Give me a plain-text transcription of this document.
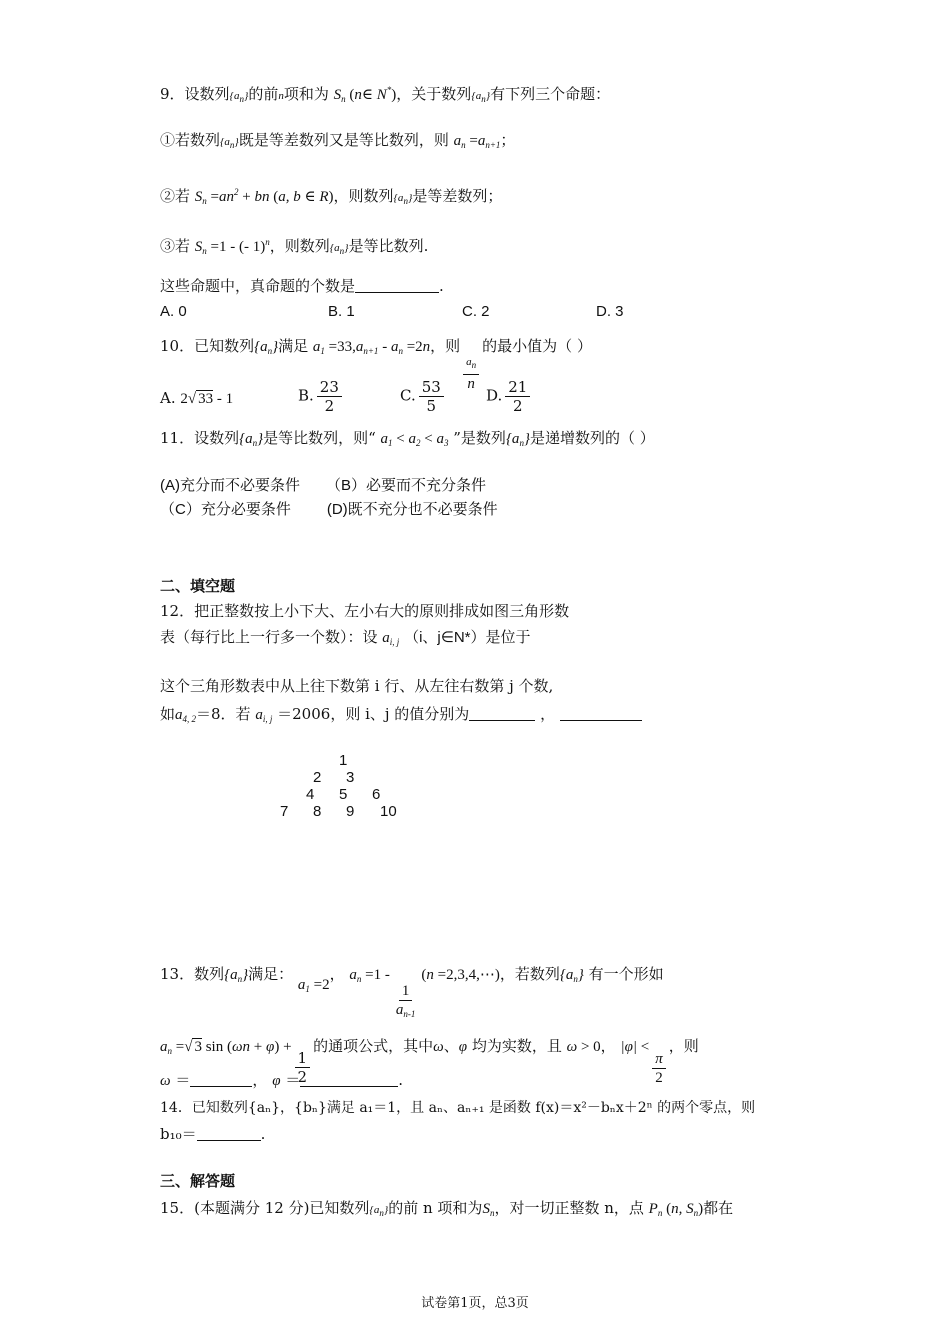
9．设数列$\{a_n\}$的前n项和为 $S_n$ (n∈ N*)，关于数列$\{a_n\}$有下列三个命题：
①若数列$\{a_n\}$既是等差数列又是等比数列，则 $a_n =a_{n+1}$；
②若 $S_n =an^2$ + bn (a, b ∈ R)，则数列$\{a_n\}$是等差数列；
③若 $S_n =1$ - (- 1)$^n$，则数列$\{a_n\}$是等比数列.
这些命题中，真命题的个数是	.
A. 0	B. 1	C. 2	D. 3
10．已知数列$\{a_n\}$满足 $a_1 =33,a_{n+1} - a_n =2n$，则
$\frac{a_n}{n}$
的最小值为（ ）
A. 2√ 33 - 1	B. $\frac{23}{2}$	C. $\frac{53}{5}$	D. $\frac{21}{2}$
11．设数列$\{a_n\}$是等比数列，则“ $a_1 < a_2 < a_3$ ”是数列$\{a_n\}$是递增数列的（ ）
(A)充分而不必要条件 （B）必要而不充分条件
（C）充分必要条件 (D)既不充分也不必要条件
二、填空题
12．把正整数按上小下大、左小右大的原则排成如图三角形数
表（每行比上一行多一个数）：设 $a_{i, j}$ （i、j∈N*）是位于
这个三角形数表中从上往下数第 i 行、从左往右数第 j 个数,
如$a_{4, 2}=8$．若 $a_{i, j} =2006$，则 i、j 的值分别为	，
1
2 3
4 5 6
7 8 9 10
13．数列$\{a_n\}$满足： $a_1 =2$， $a_n =1$ -
$\frac{1}{a_{n-1}}$
(n =2,3,4,⋯)，若数列$\{a_n\}$ 有一个形如
$a_n$ =√ 3 sin (ωn + φ) +
$\frac{1}{2}$
的通项公式，其中ω、φ 均为实数，且 ω > 0， |φ| <
$\frac{\pi}{2}$
，则
ω ＝	， φ ＝	.
14．已知数列{aₙ}，{bₙ}满足 a₁＝1，且 aₙ、aₙ₊₁ 是函数 f(x)＝x²－bₙx＋2ⁿ 的两个零点，则
b₁₀＝	.
三、解答题
15．(本题满分 12 分)已知数列$\{a_n\}$的前 n 项和为$S_n$，对一切正整数 n，点 $P_n$ (n, $S_n$)都在
试卷第1页，总3页
